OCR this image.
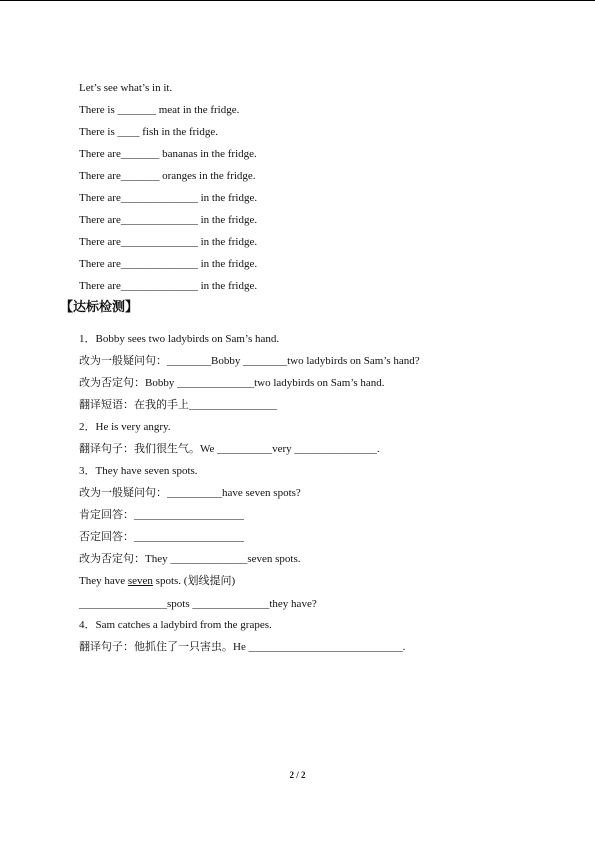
Let’s see what’s in it.
There is _______ meat in the fridge.
There is ____ fish in the fridge.
There are_______ bananas in the fridge.
There are_______ oranges in the fridge.
There are______________ in the fridge.
There are______________ in the fridge.
There are______________ in the fridge.
There are______________ in the fridge.
There are______________ in the fridge.
【达标检测】
1．Bobby sees two ladybirds on Sam’s hand.
改为一般疑问句：________Bobby ________two ladybirds on Sam’s hand?
改为否定句：Bobby ______________two ladybirds on Sam’s hand.
翻译短语：在我的手上________________
2．He is very angry.
翻译句子：我们很生气。We __________very _______________.
3．They have seven spots.
改为一般疑问句：__________have seven spots?
肯定回答：____________________
否定回答：____________________
改为否定句：They ______________seven spots.
They have seven spots. (划线提问)
________________spots ______________they have?
4．Sam catches a ladybird from the grapes.
翻译句子：他抓住了一只害虫。He ____________________________.
2 / 2
